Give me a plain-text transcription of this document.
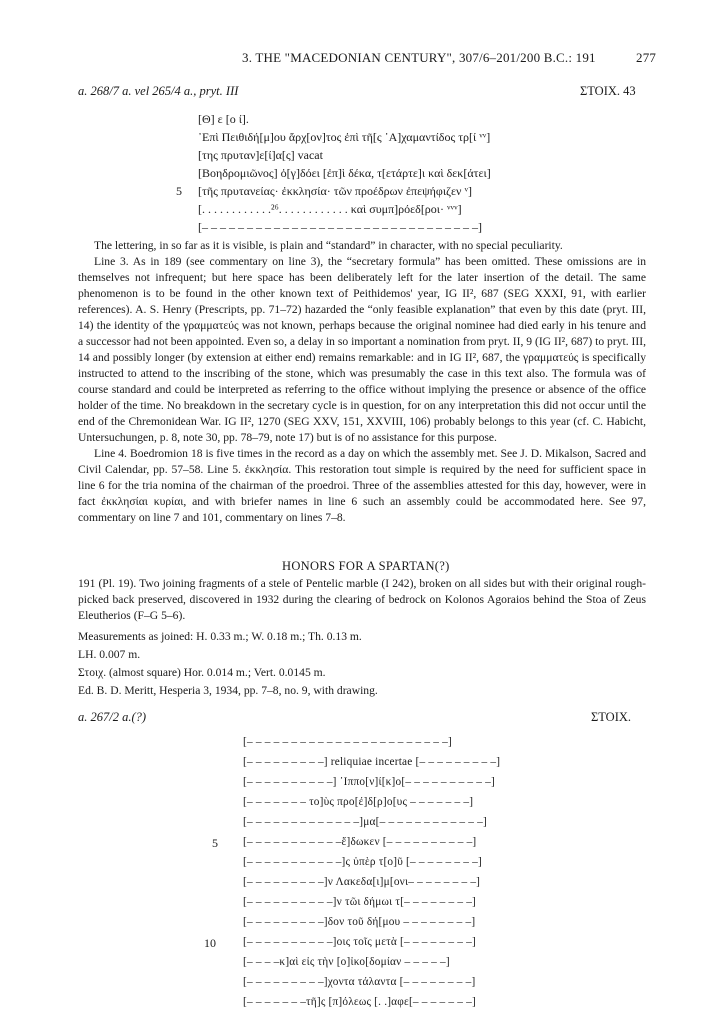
3. THE "MACEDONIAN CENTURY", 307/6–201/200 B.C.: 191	277
a. 268/7 a. vel 265/4 a., pryt. III	ΣΤΟΙΧ. 43
[Θ] ε [ο ί].
᾿Επὶ Πειθιδή[μ]ου ἄρχ[ον]τος ἐπὶ τῆ[ς ᾿Α]χαμαντίδος τρ[ί ᵛᵛ]
[της πρυταν]ε[ί]α[ς] vacat
[Βοηδρομιῶνος] ὀ[γ]δόει [ἐπ]ὶ δέκα, τ[ετάρτε]ι καὶ δεκ[άτει]
5 [τῆς πρυτανείας· ἐκκλησία· τῶν προέδρων ἐπεψήφιζεν ᵛ]
[. . . . . . . . . . . .²⁶. . . . . . . . . . . . καὶ συμπ]ρόεδ[ροι· ᵛᵛᵛ]
[– – – – – – – – – – – – – – – – – – – – – – – – – – – – – – –]

The lettering, in so far as it is visible, is plain and “standard” in character, with no special peculiarity.

Line 3. As in 189 (see commentary on line 3), the “secretary formula” has been omitted. These omissions are in themselves not infrequent; but here space has been deliberately left for the later insertion of the detail. The same phenomenon is to be found in the other known text of Peithidemos' year, IG II², 687 (SEG XXXI, 91, with earlier references). A. S. Henry (Prescripts, pp. 71–72) hazarded the “only feasible explanation” that even by this date (pryt. III, 14) the identity of the γραμματεύς was not known, perhaps because the original nominee had died early in his tenure and a successor had not been appointed. Even so, a delay in so important a nomination from pryt. II, 9 (IG II², 687) to pryt. III, 14 and possibly longer (by extension at either end) remains remarkable: and in IG II², 687, the γραμματεύς is specifically instructed to attend to the inscribing of the stone, which was presumably the case in this text also. The formula was of course standard and could be interpreted as referring to the office without implying the presence or absence of the office holder of the time. No breakdown in the secretary cycle is in question, for on any interpretation this did not occur until the end of the Chremonidean War. IG II², 1270 (SEG XXV, 151, XXVIII, 106) probably belongs to this year (cf. C. Habicht, Untersuchungen, p. 8, note 30, pp. 78–79, note 17) but is of no assistance for this purpose.

Line 4. Boedromion 18 is five times in the record as a day on which the assembly met. See J. D. Mikalson, Sacred and Civil Calendar, pp. 57–58. Line 5. ἐκκλησία. This restoration tout simple is required by the need for sufficient space in line 6 for the tria nomina of the chairman of the proedroi. Three of the assemblies attested for this day, however, were in fact ἐκκλησίαι κυρίαι, and with briefer names in line 6 such an assembly could be accommodated here. See 97, commentary on line 7 and 101, commentary on lines 7–8.

HONORS FOR A SPARTAN(?)

191 (Pl. 19). Two joining fragments of a stele of Pentelic marble (I 242), broken on all sides but with their original rough-picked back preserved, discovered in 1932 during the clearing of bedrock on Kolonos Agoraios behind the Stoa of Zeus Eleutherios (F–G 5–6).

Measurements as joined: H. 0.33 m.; W. 0.18 m.; Th. 0.13 m.
LH. 0.007 m.
Στοιχ. (almost square) Hor. 0.014 m.; Vert. 0.0145 m.
Ed. B. D. Meritt, Hesperia 3, 1934, pp. 7–8, no. 9, with drawing.
a. 267/2 a.(?)	ΣΤΟΙΧ.
[– – – – – – – – – – – – – – – – – – – – – – –]
[– – – – – – – – –] reliquiae incertae [– – – – – – – – –]
[– – – – – – – – – –] ᾿Ιππο[ν]ί[κ]ο[– – – – – – – – – –]
[– – – – – – – το]ὺς προ[έ]δ[ρ]ο[υς – – – – – – –]
[– – – – – – – – – – – – –]μα[– – – – – – – – – – – –]
5 [– – – – – – – – – – –ἔ]δωκεν [– – – – – – – – – –]
[– – – – – – – – – – –]ς ὑπὲρ τ[ο]ῦ [– – – – – – – –]
[– – – – – – – – –]ν Λακεδα[ι]μ[ονι– – – – – – – –]
[– – – – – – – – – –]ν τῶι δήμωι τ[– – – – – – – –]
[– – – – – – – – –]δον τοῦ δή[μου – – – – – – – –]
10 [– – – – – – – – – –]οις τοῖς μετὰ [– – – – – – – –]
[– – – –κ]αὶ εἰς τὴν [ο]ἰκο[δομίαν – – – – –]
[– – – – – – – – –]χοντα τάλαντα [– – – – – – – –]
[– – – – – – –τῆ]ς [π]όλεως [. .]αφε[– – – – – – –]
